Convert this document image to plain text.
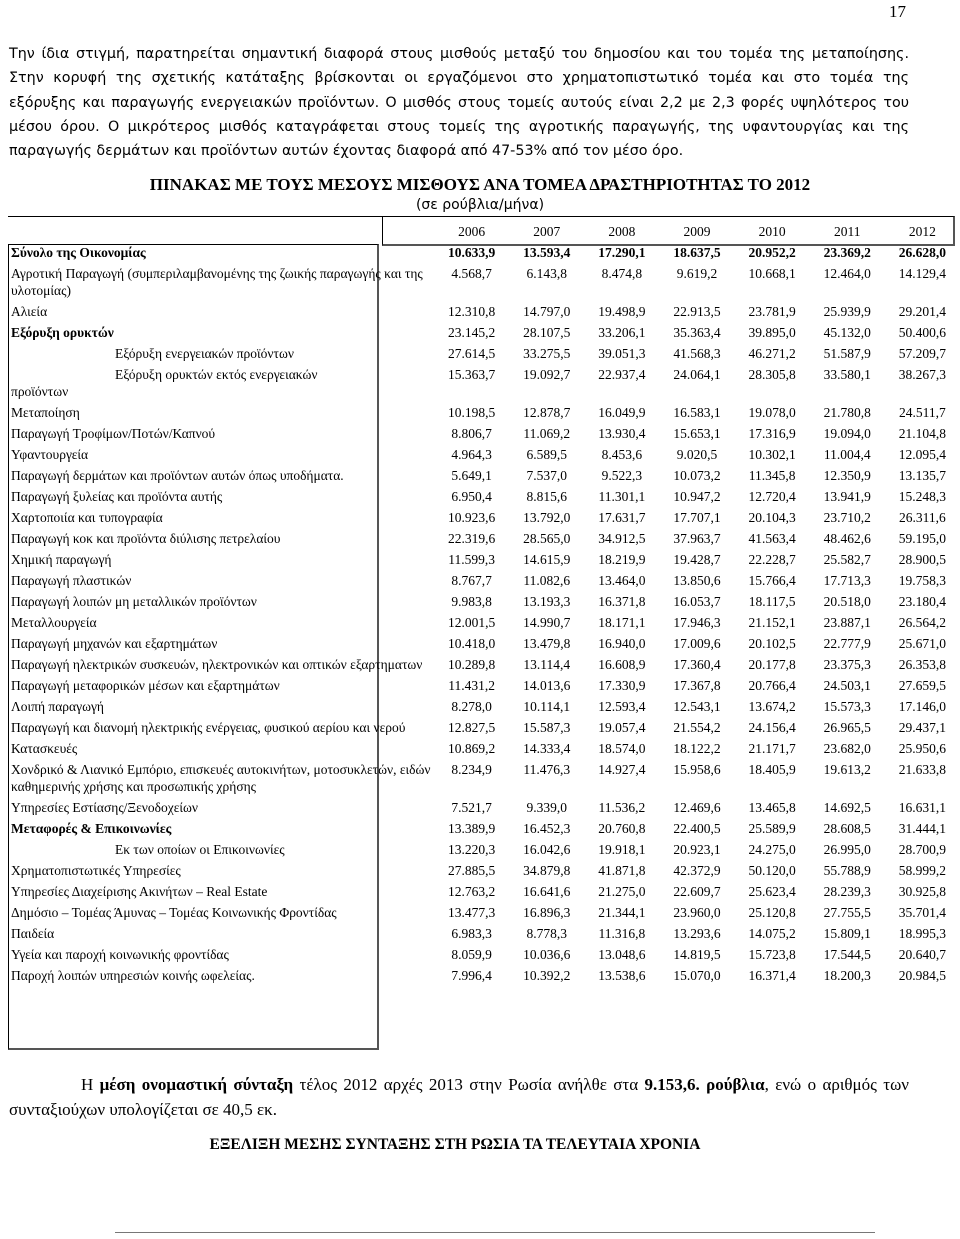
17
Την ίδια στιγμή, παρατηρείται σημαντική διαφορά στους μισθούς μεταξύ του δημοσίου και του τομέα της μεταποίησης. Στην κορυφή της σχετικής κατάταξης βρίσκονται οι εργαζόμενοι στο χρηματοπιστωτικό τομέα και στο τομέα της εξόρυξης και παραγωγής ενεργειακών προϊόντων. Ο μισθός στους τομείς αυτούς είναι 2,2 με 2,3 φορές υψηλότερος του μέσου όρου. Ο μικρότερος μισθός καταγράφεται στους τομείς της αγροτικής παραγωγής, της υφαντουργίας και της παραγωγής δερμάτων και προϊόντων αυτών έχοντας διαφορά από 47-53% από τον μέσο όρο.
ΠΙΝΑΚΑΣ ΜΕ ΤΟΥΣ ΜΕΣΟΥΣ ΜΙΣΘΟΥΣ ΑΝΑ ΤΟΜΕΑ ΔΡΑΣΤΗΡΙΟΤΗΤΑΣ ΤΟ 2012
(σε ρούβλια/μήνα)
	2006	2007	2008	2009	2010	2011	2012
Σύνολο της Οικονομίας	10.633,9	13.593,4	17.290,1	18.637,5	20.952,2	23.369,2	26.628,0
Αγροτική Παραγωγή (συμπεριλαμβανομένης της ζωικής παραγωγής και της υλοτομίας)	4.568,7	6.143,8	8.474,8	9.619,2	10.668,1	12.464,0	14.129,4
Αλιεία	12.310,8	14.797,0	19.498,9	22.913,5	23.781,9	25.939,9	29.201,4
Εξόρυξη ορυκτών	23.145,2	28.107,5	33.206,1	35.363,4	39.895,0	45.132,0	50.400,6
Εξόρυξη ενεργειακών προϊόντων	27.614,5	33.275,5	39.051,3	41.568,3	46.271,2	51.587,9	57.209,7
Εξόρυξη ορυκτών εκτός ενεργειακών
προϊόντων	15.363,7	19.092,7	22.937,4	24.064,1	28.305,8	33.580,1	38.267,3
Μεταποίηση	10.198,5	12.878,7	16.049,9	16.583,1	19.078,0	21.780,8	24.511,7
Παραγωγή Τροφίμων/Ποτών/Καπνού	8.806,7	11.069,2	13.930,4	15.653,1	17.316,9	19.094,0	21.104,8
Υφαντουργεία	4.964,3	6.589,5	8.453,6	9.020,5	10.302,1	11.004,4	12.095,4
Παραγωγή δερμάτων και προϊόντων αυτών όπως υποδήματα.	5.649,1	7.537,0	9.522,3	10.073,2	11.345,8	12.350,9	13.135,7
Παραγωγή ξυλείας και προϊόντα αυτής	6.950,4	8.815,6	11.301,1	10.947,2	12.720,4	13.941,9	15.248,3
Χαρτοποιία και τυπογραφία	10.923,6	13.792,0	17.631,7	17.707,1	20.104,3	23.710,2	26.311,6
Παραγωγή κοκ και προϊόντα διύλισης πετρελαίου	22.319,6	28.565,0	34.912,5	37.963,7	41.563,4	48.462,6	59.195,0
Χημική παραγωγή	11.599,3	14.615,9	18.219,9	19.428,7	22.228,7	25.582,7	28.900,5
Παραγωγή πλαστικών	8.767,7	11.082,6	13.464,0	13.850,6	15.766,4	17.713,3	19.758,3
Παραγωγή λοιπών μη μεταλλικών προϊόντων	9.983,8	13.193,3	16.371,8	16.053,7	18.117,5	20.518,0	23.180,4
Μεταλλουργεία	12.001,5	14.990,7	18.171,1	17.946,3	21.152,1	23.887,1	26.564,2
Παραγωγή μηχανών και εξαρτημάτων	10.418,0	13.479,8	16.940,0	17.009,6	20.102,5	22.777,9	25.671,0
Παραγωγή ηλεκτρικών συσκευών, ηλεκτρονικών και οπτικών εξαρτηματων	10.289,8	13.114,4	16.608,9	17.360,4	20.177,8	23.375,3	26.353,8
Παραγωγή μεταφορικών μέσων και εξαρτημάτων	11.431,2	14.013,6	17.330,9	17.367,8	20.766,4	24.503,1	27.659,5
Λοιπή παραγωγή	8.278,0	10.114,1	12.593,4	12.543,1	13.674,2	15.573,3	17.146,0
Παραγωγή και διανομή ηλεκτρικής ενέργειας, φυσικού αερίου και νερού	12.827,5	15.587,3	19.057,4	21.554,2	24.156,4	26.965,5	29.437,1
Κατασκευές	10.869,2	14.333,4	18.574,0	18.122,2	21.171,7	23.682,0	25.950,6
Χονδρικό & Λιανικό Εμπόριο, επισκευές αυτοκινήτων, μοτοσυκλετών, ειδών καθημερινής χρήσης και προσωπικής χρήσης	8.234,9	11.476,3	14.927,4	15.958,6	18.405,9	19.613,2	21.633,8
Υπηρεσίες Εστίασης/Ξενοδοχείων	7.521,7	9.339,0	11.536,2	12.469,6	13.465,8	14.692,5	16.631,1
Μεταφορές & Επικοινωνίες	13.389,9	16.452,3	20.760,8	22.400,5	25.589,9	28.608,5	31.444,1
Εκ των οποίων οι Επικοινωνίες	13.220,3	16.042,6	19.918,1	20.923,1	24.275,0	26.995,0	28.700,9
Χρηματοπιστωτικές Υπηρεσίες	27.885,5	34.879,8	41.871,8	42.372,9	50.120,0	55.788,9	58.999,2
Υπηρεσίες Διαχείρισης Ακινήτων – Real Estate	12.763,2	16.641,6	21.275,0	22.609,7	25.623,4	28.239,3	30.925,8
Δημόσιο – Τομέας Άμυνας – Τομέας Κοινωνικής Φροντίδας	13.477,3	16.896,3	21.344,1	23.960,0	25.120,8	27.755,5	35.701,4
Παιδεία	6.983,3	8.778,3	11.316,8	13.293,6	14.075,2	15.809,1	18.995,3
Υγεία και παροχή κοινωνικής φροντίδας	8.059,9	10.036,6	13.048,6	14.819,5	15.723,8	17.544,5	20.640,7
Παροχή λοιπών υπηρεσιών κοινής ωφελείας.	7.996,4	10.392,2	13.538,6	15.070,0	16.371,4	18.200,3	20.984,5
Η μέση ονομαστική σύνταξη τέλος 2012 αρχές 2013 στην Ρωσία ανήλθε στα 9.153,6. ρούβλια, ενώ ο αριθμός των συνταξιούχων υπολογίζεται σε 40,5 εκ.
ΕΞΕΛΙΞΗ ΜΕΣΗΣ ΣΥΝΤΑΞΗΣ ΣΤΗ ΡΩΣΙΑ ΤΑ ΤΕΛΕΥΤΑΙΑ ΧΡΟΝΙΑ
